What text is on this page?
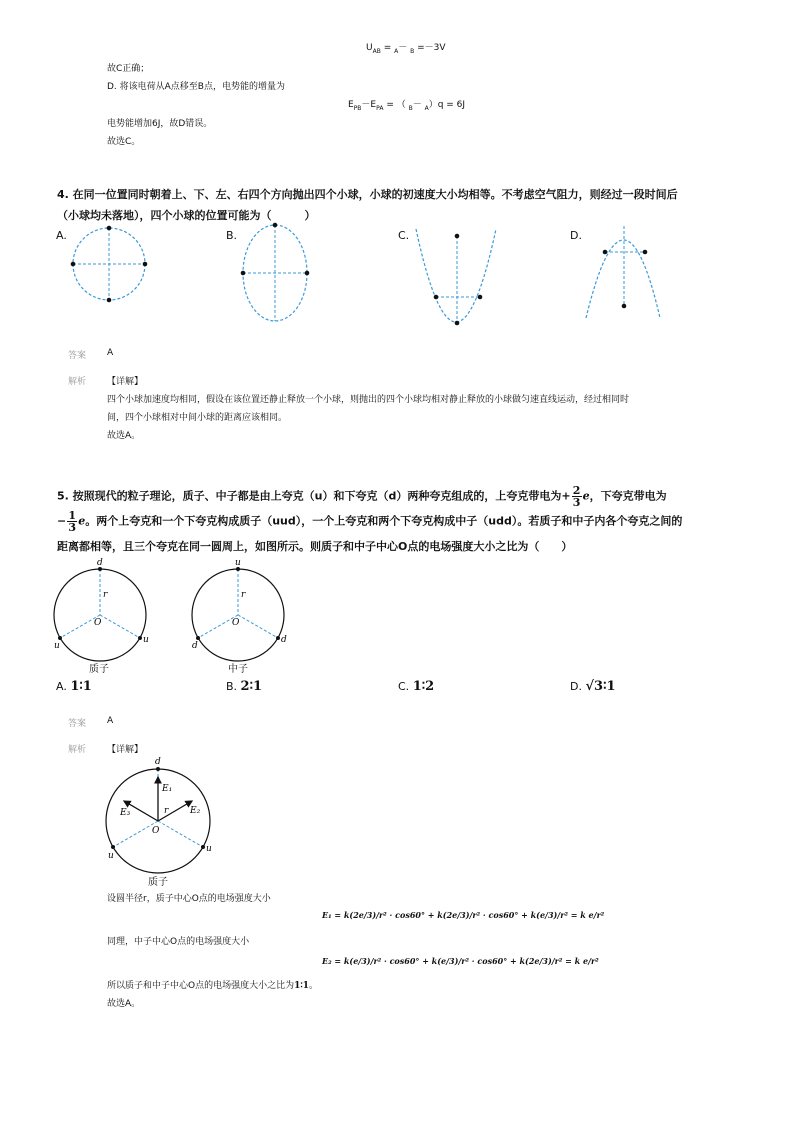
$U_{AB} = _A- _B =-3V$
故C正确；
D. 将该电荷从A点移至B点，电势能的增量为
$E_{PB}-E_{PA}$ = （ $_B$－ $_A$）q = 6J
电势能增加6J，故D错误。
故选C。
4. 在同一位置同时朝着上、下、左、右四个方向抛出四个小球，小球的初速度大小均相等。不考虑空气阻力，则经过一段时间后
（小球均未落地），四个小球的位置可能为（　　　）
A.	B.	C.	D.
答案 A
解析 【详解】
四个小球加速度均相同，假设在该位置还静止释放一个小球，则抛出的四个小球均相对静止释放的小球做匀速直线运动，经过相同时
间，四个小球相对中间小球的距离应该相同。
故选A。
5. 按照现代的粒子理论，质子、中子都是由上夸克（u）和下夸克（d）两种夸克组成的，上夸克带电为+ $\frac{2}{3}$ e，下夸克带电为
− $\frac{1}{3}$ e。两个上夸克和一个下夸克构成质子（uud），一个上夸克和两个下夸克构成中子（udd）。若质子和中子内各个夸克之间的
距离都相等，且三个夸克在同一圆周上，如图所示。则质子和中子中心O点的电场强度大小之比为（　　）
d
r
O
u
u
质子
u
r
O
d
d
中子
A. 1∶1	B. 2∶1	C. 1∶2	D. √3∶1
答案 A
解析 【详解】
d
E₁
E₂
E₃	r
O
u
u
质子
设圆半径r，质子中心O点的电场强度大小
E₁ = k(2e/3)/r² · cos60° + k(2e/3)/r² · cos60° + k(e/3)/r² = k e/r²
同理，中子中心O点的电场强度大小
E₂ = k(e/3)/r² · cos60° + k(e/3)/r² · cos60° + k(2e/3)/r² = k e/r²
所以质子和中子中心O点的电场强度大小之比为1∶1。
故选A。
